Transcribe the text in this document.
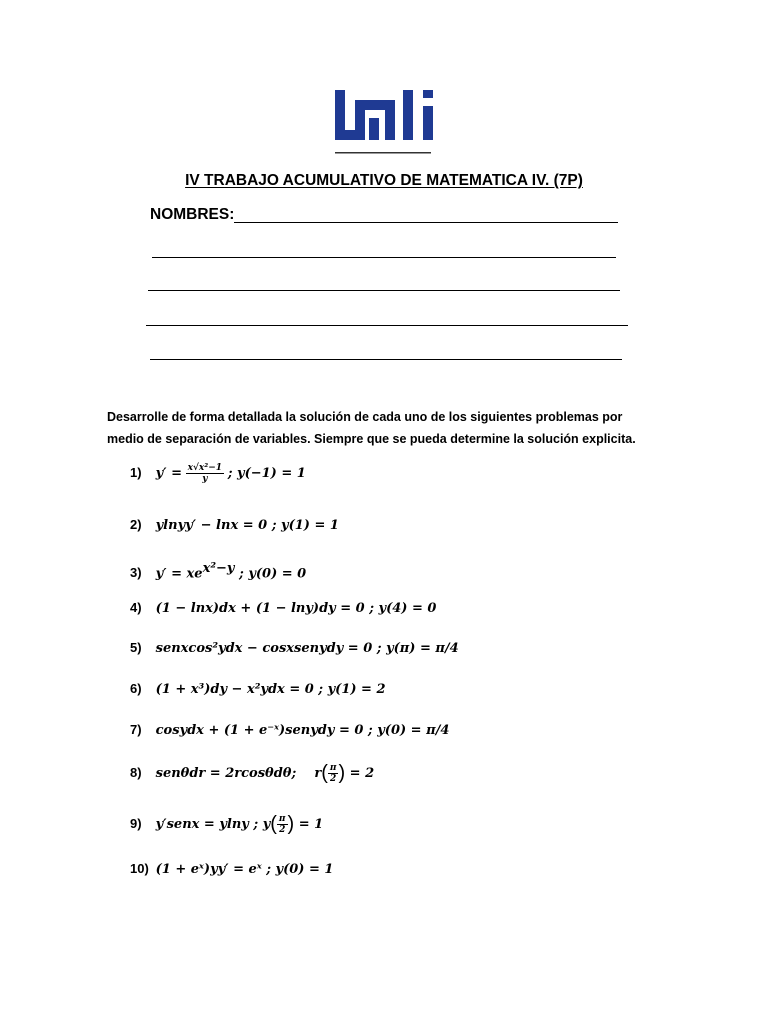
IV TRABAJO ACUMULATIVO DE MATEMATICA IV. (7P)
NOMBRES:

Desarrolle de forma detallada la solución de cada uno de los siguientes problemas por

medio de separación de variables. Siempre que se pueda determine la solución explicita.

1) $y' = \frac{\text{x√x²−1}}{y}$ ; y(−1) = 1
2) ylnyy′ − lnx = 0 ; y(1) = 1
3) $y' = xe^{x^2-y}$ ; y(0) = 0
4) (1 − lnx)dx + (1 − lny)dy = 0 ; y(4) = 0
5) senxcos²ydx − cosxsenydy = 0 ; y(π) = π/4
6) (1 + x³)dy − x²ydx = 0 ; y(1) = 2
7) cosydx + (1 + e⁻ˣ)senydy = 0 ; y(0) = π/4
8) senθdr = 2rcosθdθ;    $r( \frac{\pi}{2}$ ) = 2
9) y′senx = ylny ; $y( \frac{\pi}{2}$ ) = 1
10) (1 + eˣ)yy′ = eˣ ; y(0) = 1
